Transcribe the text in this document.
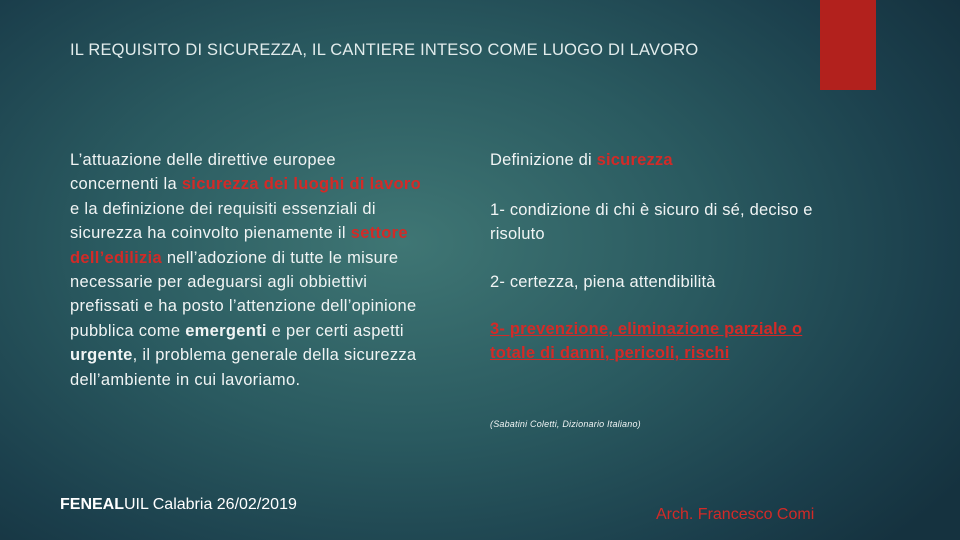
IL REQUISITO DI SICUREZZA, IL CANTIERE INTESO COME LUOGO DI LAVORO
L’attuazione delle direttive europee concernenti la sicurezza dei luoghi di lavoro e la definizione dei requisiti essenziali di sicurezza ha coinvolto pienamente il settore dell’edilizia nell’adozione di tutte le misure necessarie per adeguarsi agli obbiettivi prefissati e ha posto l’attenzione dell’opinione pubblica come emergenti e per certi aspetti urgente, il problema generale della sicurezza dell’ambiente in cui lavoriamo.

Definizione di sicurezza

1- condizione di chi è sicuro di sé, deciso e risoluto

2- certezza, piena attendibilità

3- prevenzione, eliminazione parziale o totale di danni, pericoli, rischi

(Sabatini Coletti, Dizionario Italiano)

FENEALUIL Calabria 26/02/2019
Arch. Francesco Comi
